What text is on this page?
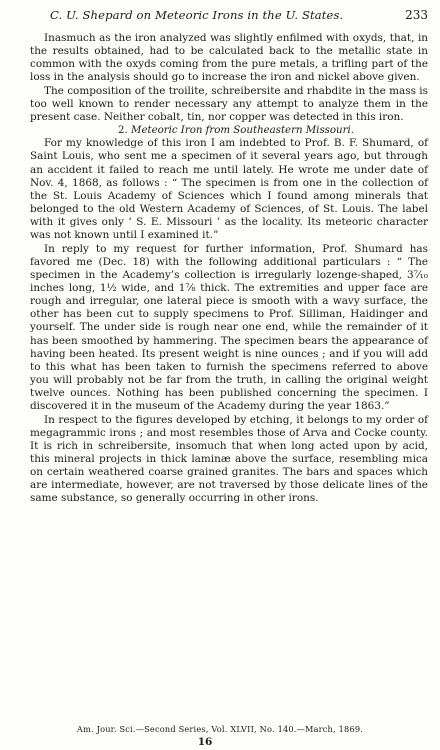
C. U. Shepard on Meteoric Irons in the U. States.	233

Inasmuch as the iron analyzed was slightly enfilmed with oxyds, that, in the results obtained, had to be calculated back to the metallic state in common with the oxyds coming from the pure metals, a trifling part of the loss in the analysis should go to increase the iron and nickel above given.

The composition of the troilite, schreibersite and rhabdite in the mass is too well known to render necessary any attempt to analyze them in the present case. Neither cobalt, tin, nor copper was detected in this iron.

2. Meteoric Iron from Southeastern Missouri.

For my knowledge of this iron I am indebted to Prof. B. F. Shumard, of Saint Louis, who sent me a specimen of it several years ago, but through an accident it failed to reach me until lately. He wrote me under date of Nov. 4, 1868, as follows : “ The specimen is from one in the collection of the St. Louis Academy of Sciences which I found among minerals that belonged to the old Western Academy of Sciences, of St. Louis. The label with it gives only ‘ S. E. Missouri ’ as the locality. Its meteoric character was not known until I examined it.”

In reply to my request for further information, Prof. Shumard has favored me (Dec. 18) with the following additional particulars : “ The specimen in the Academy’s collection is irregularly lozenge-shaped, 3⁷⁄₁₀ inches long, 1½ wide, and 1⁷⁄₈ thick. The extremities and upper face are rough and irregular, one lateral piece is smooth with a wavy surface, the other has been cut to supply specimens to Prof. Silliman, Haidinger and yourself. The under side is rough near one end, while the remainder of it has been smoothed by hammering. The specimen bears the appearance of having been heated. Its present weight is nine ounces ; and if you will add to this what has been taken to furnish the specimens referred to above you will probably not be far from the truth, in calling the original weight twelve ounces. Nothing has been published concerning the specimen. I discovered it in the museum of the Academy during the year 1863.”

In respect to the figures developed by etching, it belongs to my order of megagrammic irons ; and most resembles those of Arva and Cocke county. It is rich in schreibersite, insomuch that when long acted upon by acid, this mineral projects in thick laminæ above the surface, resembling mica on certain weathered coarse grained granites. The bars and spaces which are intermediate, however, are not traversed by those delicate lines of the same substance, so generally occurring in other irons.

Am. Jour. Sci.—Second Series, Vol. XLVII, No. 140.—March, 1869.
16
